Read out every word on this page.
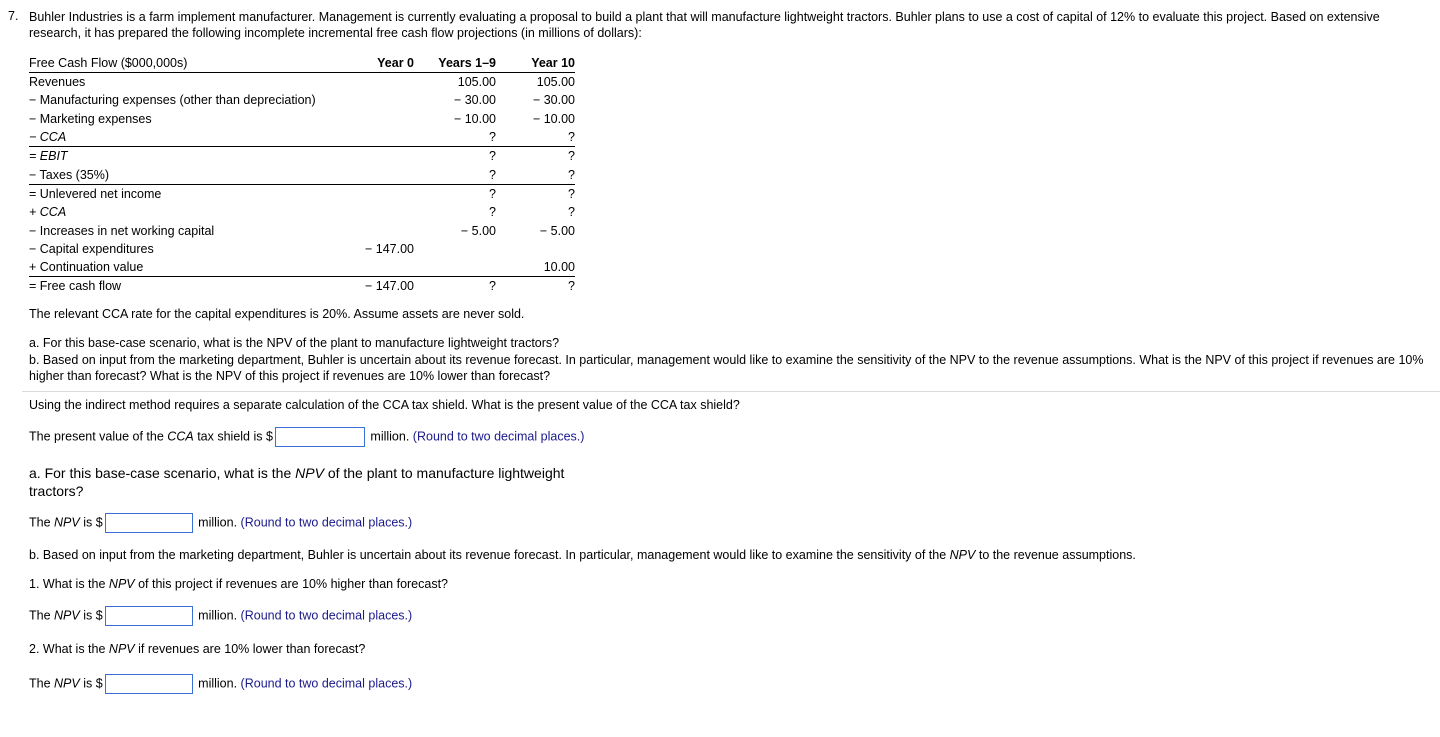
7. Buhler Industries is a farm implement manufacturer. Management is currently evaluating a proposal to build a plant that will manufacture lightweight tractors. Buhler plans to use a cost of capital of 12% to evaluate this project. Based on extensive research, it has prepared the following incomplete incremental free cash flow projections (in millions of dollars):
Free Cash Flow ($000,000s)	Year 0	Years 1–9	Year 10
Revenues		105.00	105.00
− Manufacturing expenses (other than depreciation)		− 30.00	− 30.00
− Marketing expenses		− 10.00	− 10.00
− CCA		?	?
= EBIT		?	?
− Taxes (35%)		?	?
= Unlevered net income		?	?
+ CCA		?	?
− Increases in net working capital		− 5.00	− 5.00
− Capital expenditures	− 147.00		
+ Continuation value			10.00
= Free cash flow	− 147.00	?	?
The relevant CCA rate for the capital expenditures is 20%. Assume assets are never sold.
a. For this base-case scenario, what is the NPV of the plant to manufacture lightweight tractors?
b. Based on input from the marketing department, Buhler is uncertain about its revenue forecast. In particular, management would like to examine the sensitivity of the NPV to the revenue assumptions. What is the NPV of this project if revenues are 10% higher than forecast? What is the NPV of this project if revenues are 10% lower than forecast?
Using the indirect method requires a separate calculation of the CCA tax shield. What is the present value of the CCA tax shield?
The present value of the CCA tax shield is $	million. (Round to two decimal places.)
a. For this base-case scenario, what is the NPV of the plant to manufacture lightweight tractors?
The NPV is $	million. (Round to two decimal places.)
b. Based on input from the marketing department, Buhler is uncertain about its revenue forecast. In particular, management would like to examine the sensitivity of the NPV to the revenue assumptions.
1. What is the NPV of this project if revenues are 10% higher than forecast?
The NPV is $	million. (Round to two decimal places.)
2. What is the NPV if revenues are 10% lower than forecast?
The NPV is $	million. (Round to two decimal places.)
